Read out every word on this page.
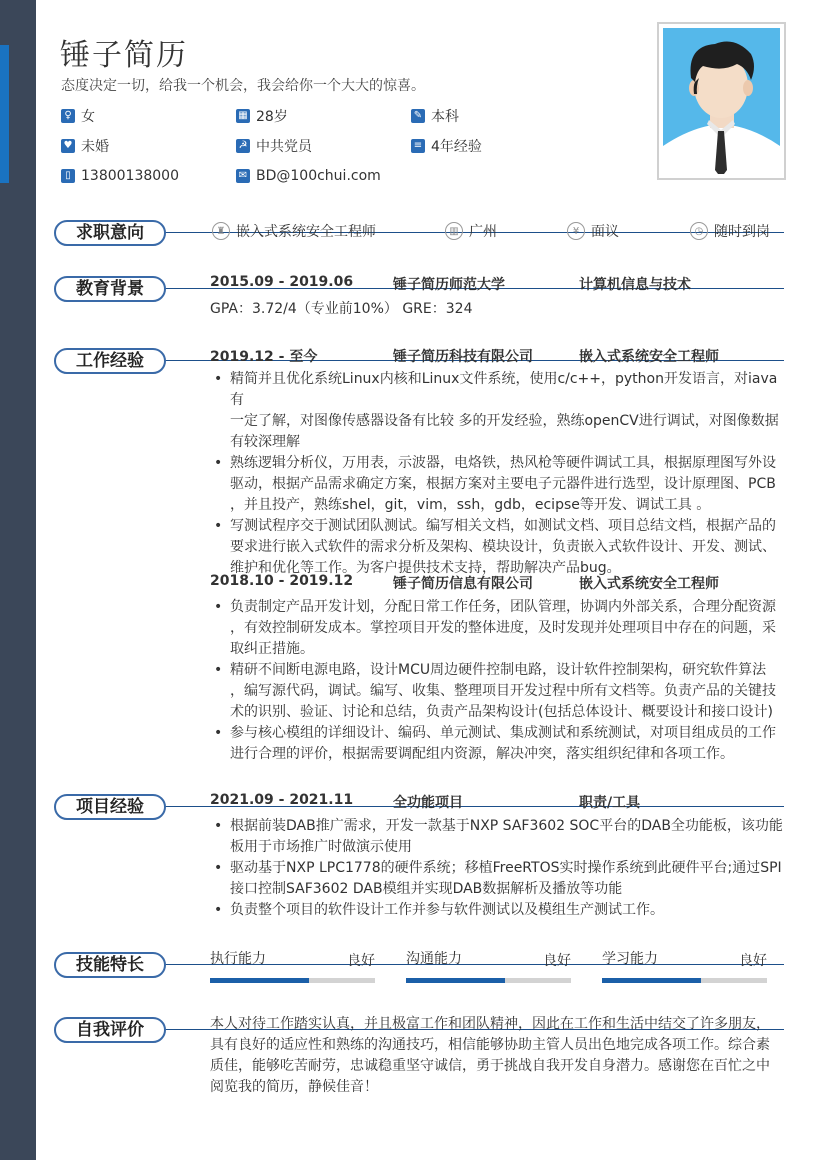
锤子简历
态度决定一切，给我一个机会，我会给你一个大大的惊喜。
♀ 女	▦ 28岁	✎ 本科
♥ 未婚	☭ 中共党员	≡ 4年经验
▯ 13800138000	✉ BD@100chui.com
求职意向	♜ 嵌入式系统安全工程师	▥ 广州	¥ 面议	◷ 随时到岗
教育背景	2015.09 - 2019.06	锤子简历师范大学	计算机信息与技术
GPA：3.72/4（专业前10%） GRE：324
工作经验	2019.12 - 至今	锤子简历科技有限公司	嵌入式系统安全工程师
• 精简并且优化系统Linux内核和Linux文件系统，使用c/c++，python开发语言，对iava有
一定了解，对图像传感器设备有比较 多的开发经验，熟练openCV进行调试，对图像数据
有较深理解
• 熟练逻辑分析仪，万用表，示波器，电烙铁，热风枪等硬件调试工具，根据原理图写外设
驱动，根据产品需求确定方案，根据方案对主要电子元器件进行选型，设计原理图、PCB
，并且投产，熟练shel，git，vim，ssh，gdb，ecipse等开发、调试工具 。
• 写测试程序交于测试团队测试。编写相关文档，如测试文档、项目总结文档，根据产品的
要求进行嵌入式软件的需求分析及架构、模块设计，负责嵌入式软件设计、开发、测试、
维护和优化等工作。为客户提供技术支持，帮助解决产品bug。
2018.10 - 2019.12	锤子简历信息有限公司	嵌入式系统安全工程师
• 负责制定产品开发计划，分配日常工作任务，团队管理，协调内外部关系，合理分配资源
，有效控制研发成本。掌控项目开发的整体进度，及时发现并处理项目中存在的问题，采
取纠正措施。
• 精研不间断电源电路，设计MCU周边硬件控制电路，设计软件控制架构，研究软件算法
，编写源代码，调试。编写、收集、整理项目开发过程中所有文档等。负责产品的关键技
术的识别、验证、讨论和总结，负责产品架构设计(包括总体设计、概要设计和接口设计)
• 参与核心模组的详细设计、编码、单元测试、集成测试和系统测试，对项目组成员的工作
进行合理的评价，根据需要调配组内资源，解决冲突，落实组织纪律和各项工作。
项目经验	2021.09 - 2021.11	全功能项目	职责/工具
• 根据前装DAB推广需求，开发一款基于NXP SAF3602 SOC平台的DAB全功能板，该功能
板用于市场推广时做演示使用
• 驱动基于NXP LPC1778的硬件系统；移植FreeRTOS实时操作系统到此硬件平台;通过SPI
接口控制SAF3602 DAB模组并实现DAB数据解析及播放等功能
• 负责整个项目的软件设计工作并参与软件测试以及模组生产测试工作。
技能特长	执行能力	良好 沟通能力	良好 学习能力	良好
自我评价	本人对待工作踏实认真，并且极富工作和团队精神，因此在工作和生活中结交了许多朋友，
具有良好的适应性和熟练的沟通技巧，相信能够协助主管人员出色地完成各项工作。综合素
质佳，能够吃苦耐劳，忠诚稳重坚守诚信，勇于挑战自我开发自身潜力。感谢您在百忙之中
阅览我的简历，静候佳音！
